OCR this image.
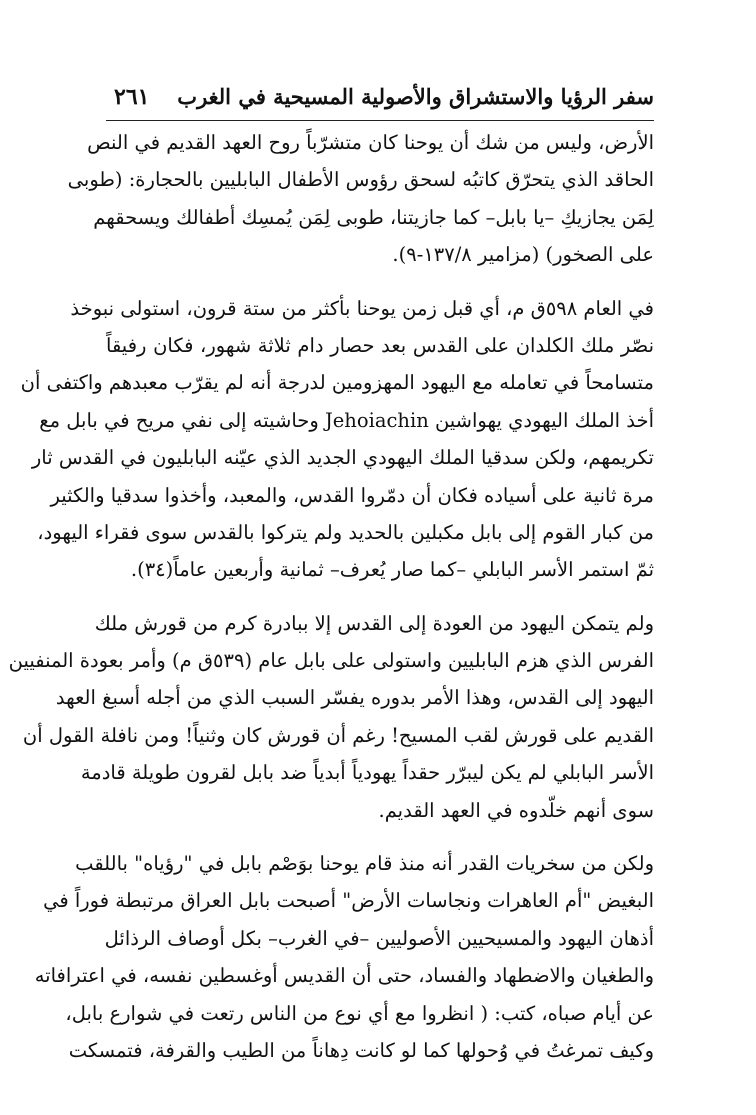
٢٦١ سفر الرؤيا والاستشراق والأصولية المسيحية في الغرب
الأرض، وليس من شك أن يوحنا كان متشرّباً روح العهد القديم في النص
الحاقد الذي يتحرّق كاتبُه لسحق رؤوس الأطفال البابليين بالحجارة: (طوبى
لِمَن يجازيكِ –يا بابل– كما جازيتنا، طوبى لِمَن يُمسِك أطفالك ويسحقهم
على الصخور) (مزامير ١٣٧/٨-٩).
في العام ٥٩٨ق م، أي قبل زمن يوحنا بأكثر من ستة قرون، استولى نبوخذ
نصّر ملك الكلدان على القدس بعد حصار دام ثلاثة شهور، فكان رفيقاً
متسامحاً في تعامله مع اليهود المهزومين لدرجة أنه لم يقرّب معبدهم واكتفى أن
أخذ الملك اليهودي يهواشين Jehoiachin وحاشيته إلى نفي مريح في بابل مع
تكريمهم، ولكن سدقيا الملك اليهودي الجديد الذي عيّنه البابليون في القدس ثار
مرة ثانية على أسياده فكان أن دمّروا القدس، والمعبد، وأخذوا سدقيا والكثير
من كبار القوم إلى بابل مكبلين بالحديد ولم يتركوا بالقدس سوى فقراء اليهود،
ثمّ استمر الأسر البابلي –كما صار يُعرف– ثمانية وأربعين عاماً(٣٤).
ولم يتمكن اليهود من العودة إلى القدس إلا ببادرة كرم من قورش ملك
الفرس الذي هزم البابليين واستولى على بابل عام (٥٣٩ق م) وأمر بعودة المنفيين
اليهود إلى القدس، وهذا الأمر بدوره يفسّر السبب الذي من أجله أسبغ العهد
القديم على قورش لقب المسيح! رغم أن قورش كان وثنياً! ومن نافلة القول أن
الأسر البابلي لم يكن ليبرّر حقداً يهودياً أبدياً ضد بابل لقرون طويلة قادمة
سوى أنهم خلّدوه في العهد القديم.
ولكن من سخريات القدر أنه منذ قام يوحنا بوَصْم بابل في "رؤياه" باللقب
البغيض "أم العاهرات ونجاسات الأرض" أصبحت بابل العراق مرتبطة فوراً في
أذهان اليهود والمسيحيين الأصوليين –في الغرب– بكل أوصاف الرذائل
والطغيان والاضطهاد والفساد، حتى أن القديس أوغسطين نفسه، في اعترافاته
عن أيام صباه، كتب: ( انظروا مع أي نوع من الناس رتعت في شوارع بابل،
وكيف تمرغتُ في وُحولها كما لو كانت دِهاناً من الطيب والقرفة، فتمسكت
